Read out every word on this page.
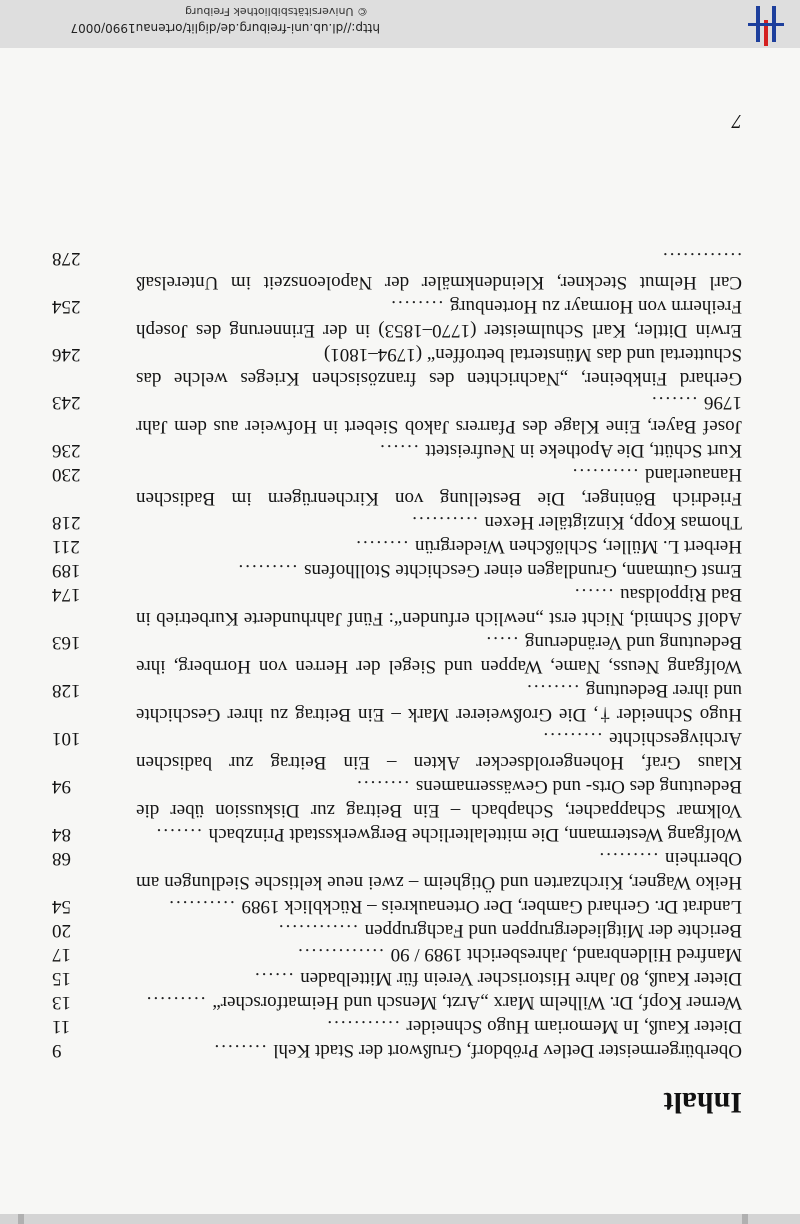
Inhalt
Oberbürgermeister Detlev Pröbdorf, Grußwort der Stadt Kehl ........
9
Dieter Kauß, In Memoriam Hugo Schneider ...........
11
Werner Kopf, Dr. Wilhelm Marx „Arzt, Mensch und Heimatforscher“ .........
13
Dieter Kauß, 80 Jahre Historischer Verein für Mittelbaden ......
15
Manfred Hildenbrand, Jahresbericht 1989 / 90 .............
17
Berichte der Mitgliedergruppen und Fachgruppen ............
20
Landrat Dr. Gerhard Gamber, Der Ortenaukreis – Rückblick 1989 ..........
54
Heiko Wagner, Kirchzarten und Ötigheim – zwei neue keltische Siedlungen am Oberrhein .........
68
Wolfgang Westermann, Die mittelalterliche Bergwerksstadt Prinzbach .......
84
Volkmar Schappacher, Schapbach – Ein Beitrag zur Diskussion über die Bedeutung des Orts- und Gewässernamens ........
94
Klaus Graf, Hohengeroldsecker Akten – Ein Beitrag zur badischen Archivgeschichte .........
101
Hugo Schneider †, Die Großweierer Mark – Ein Beitrag zu ihrer Geschichte und ihrer Bedeutung ........
128
Wolfgang Neuss, Name, Wappen und Siegel der Herren von Hornberg, ihre Bedeutung und Veränderung .....
163
Adolf Schmid, Nicht erst „newlich erfunden“: Fünf Jahrhunderte Kurbetrieb in Bad Rippoldsau ......
174
Ernst Gutmann, Grundlagen einer Geschichte Stollhofens .........
189
Herbert L. Müller, Schlößchen Wiedergrün ........
211
Thomas Kopp, Kinzigtäler Hexen ..........
218
Friedrich Böninger, Die Bestellung von Kirchenrügern im Badischen Hanauerland ..........
230
Kurt Schütt, Die Apotheke in Neufreistett ......
236
Josef Bayer, Eine Klage des Pfarrers Jakob Siebert in Hofweier aus dem Jahr 1796 .......
243
Gerhard Finkbeiner, „Nachrichten des französischen Krieges welche das Schuttertal und das Münstertal betroffen“ (1794–1801)
246
Erwin Dittler, Karl Schulmeister (1770–1853) in der Erinnerung des Joseph Freiherrn von Hormayr zu Hortenburg ........
254
Carl Helmut Steckner, Kleindenkmäler der Napoleonszeit im Unterelsaß ............
278
7
http://dl.ub.uni-freiburg.de/diglit/ortenau1990/0007
© Universitätsbibliothek Freiburg
